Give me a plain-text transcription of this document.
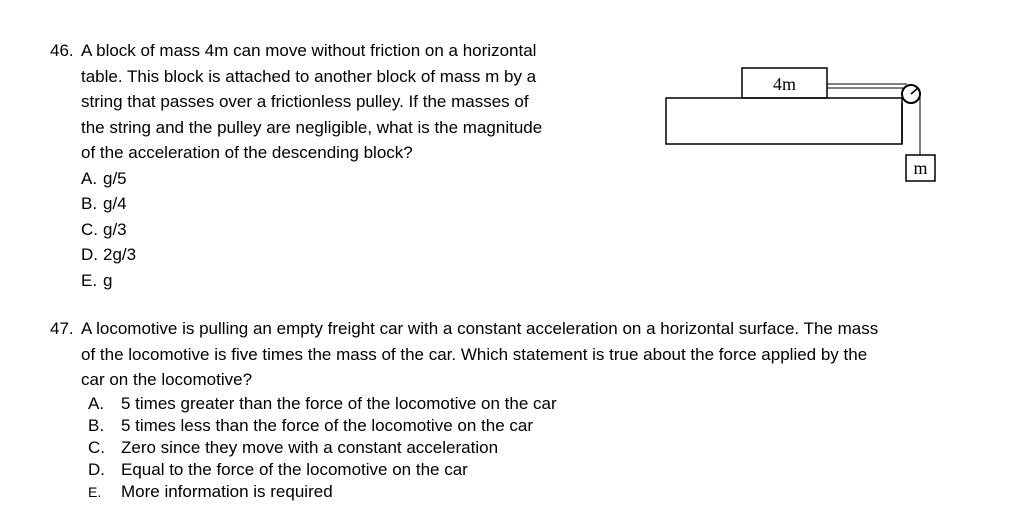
46. A block of mass 4m can move without friction on a horizontal
table. This block is attached to another block of mass m by a
string that passes over a frictionless pulley. If the masses of
the string and the pulley are negligible, what is the magnitude
of the acceleration of the descending block?
A. g/5
B. g/4
C. g/3
D. 2g/3
E. g
4m
m
47. A locomotive is pulling an empty freight car with a constant acceleration on a horizontal surface. The mass
of the locomotive is five times the mass of the car. Which statement is true about the force applied by the
car on the locomotive?
A. 5 times greater than the force of the locomotive on the car
B. 5 times less than the force of the locomotive on the car
C. Zero since they move with a constant acceleration
D. Equal to the force of the locomotive on the car
E. More information is required
